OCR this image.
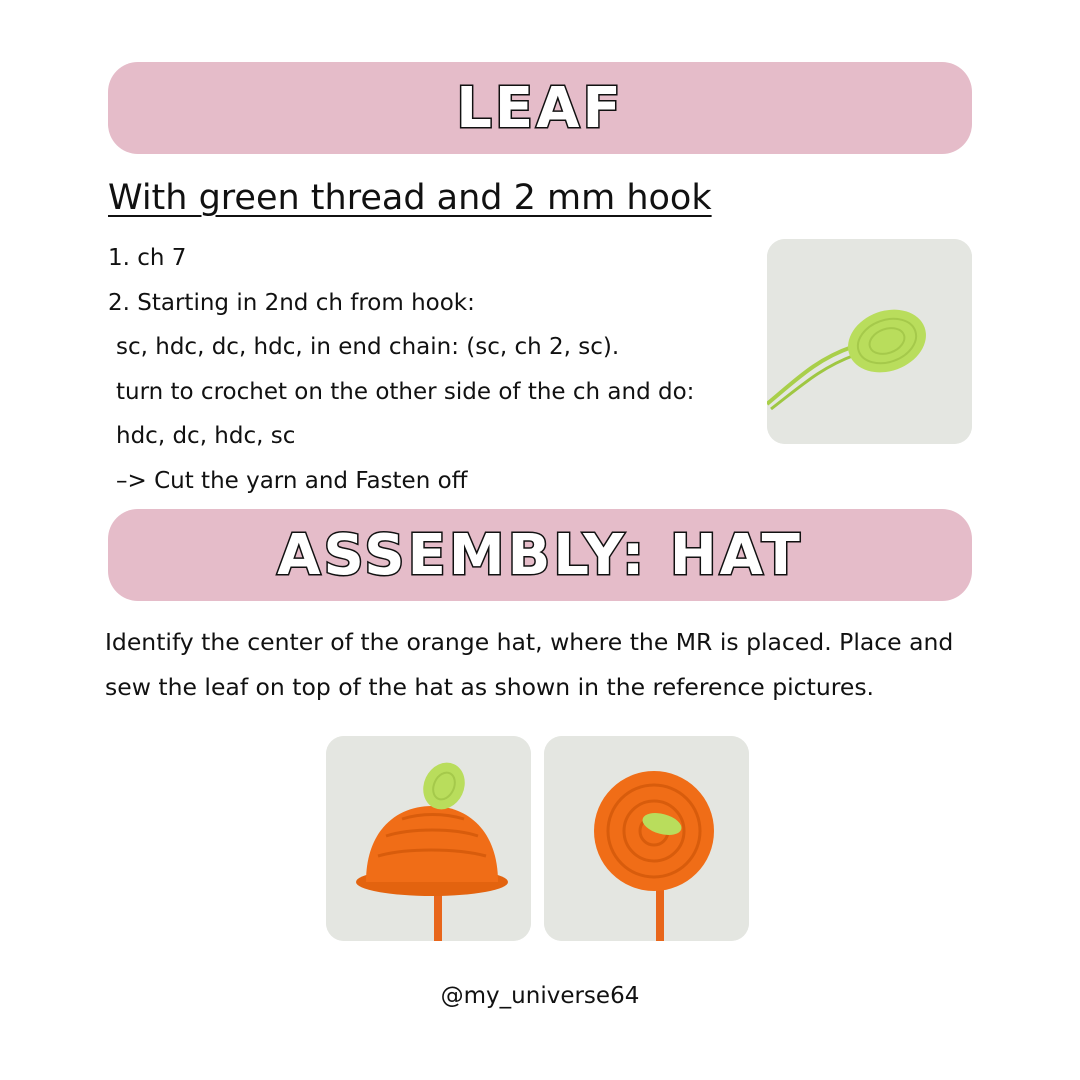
LEAF
With green thread and 2 mm hook
1. ch 7
2. Starting in 2nd ch from hook:
sc, hdc, dc, hdc, in end chain: (sc, ch 2, sc).
turn to crochet on the other side of the ch and do:
hdc, dc, hdc, sc
–> Cut the yarn and Fasten off
ASSEMBLY: HAT

Identify the center of the orange hat, where the MR is placed. Place and sew the leaf on top of the hat as shown in the reference pictures.

@my_universe64
